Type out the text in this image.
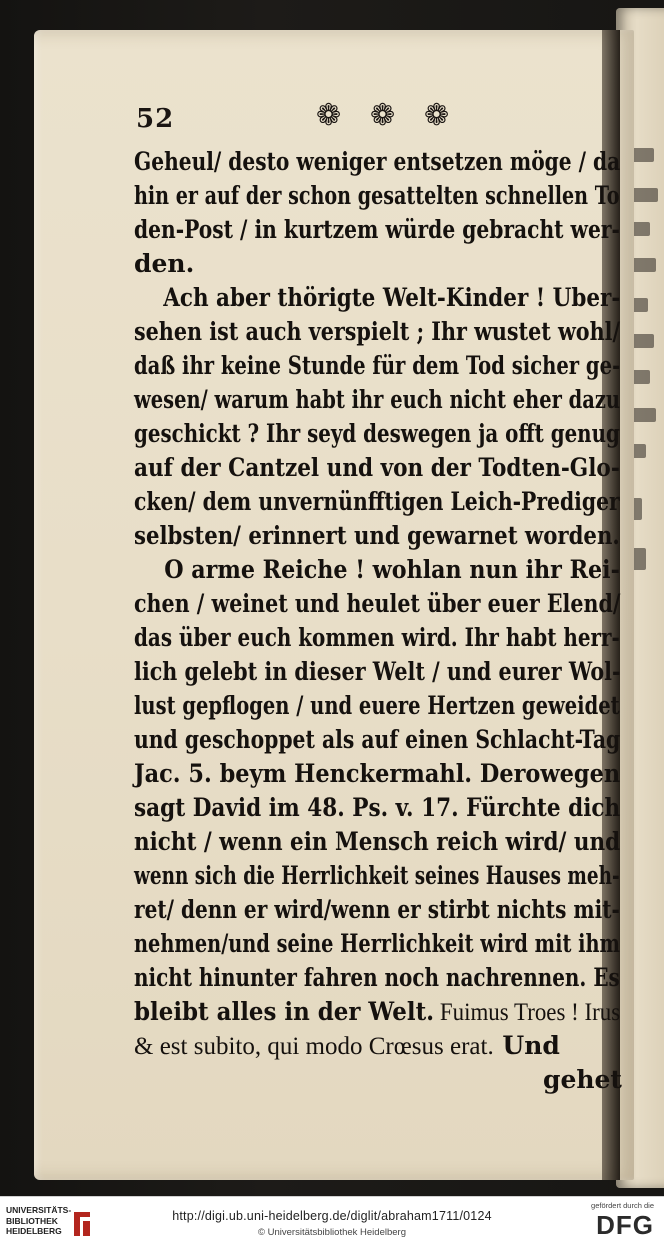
52	❁ ❁ ❁
Geheul/ desto weniger entsetzen möge / da
hin er auf der schon gesattelten schnellen To
den-Post / in kurtzem würde gebracht wer-
den.
Ach aber thörigte Welt-Kinder ! Uber-
sehen ist auch verspielt ; Ihr wustet wohl/
daß ihr keine Stunde für dem Tod sicher ge-
wesen/ warum habt ihr euch nicht eher dazu
geschickt ? Ihr seyd deswegen ja offt genug
auf der Cantzel und von der Todten-Glo-
cken/ dem unvernünfftigen Leich-Prediger
selbsten/ erinnert und gewarnet worden.
O arme Reiche ! wohlan nun ihr Rei-
chen / weinet und heulet über euer Elend/
das über euch kommen wird. Ihr habt herr-
lich gelebt in dieser Welt / und eurer Wol-
lust gepflogen / und euere Hertzen geweidet
und geschoppet als auf einen Schlacht-Tag
Jac. 5. beym Henckermahl. Derowegen
sagt David im 48. Ps. v. 17. Fürchte dich
nicht / wenn ein Mensch reich wird/ und
wenn sich die Herrlichkeit seines Hauses meh-
ret/ denn er wird/wenn er stirbt nichts mit-
nehmen/und seine Herrlichkeit wird mit ihm
nicht hinunter fahren noch nachrennen. Es
bleibt alles in der Welt. Fuimus Troes ! Irus
& est subito, qui modo Crœsus erat. Und
gehet
UNIVERSITÄTS-
BIBLIOTHEK
HEIDELBERG
http://digi.ub.uni-heidelberg.de/diglit/abraham1711/0124
© Universitätsbibliothek Heidelberg
gefördert durch die
DFG
